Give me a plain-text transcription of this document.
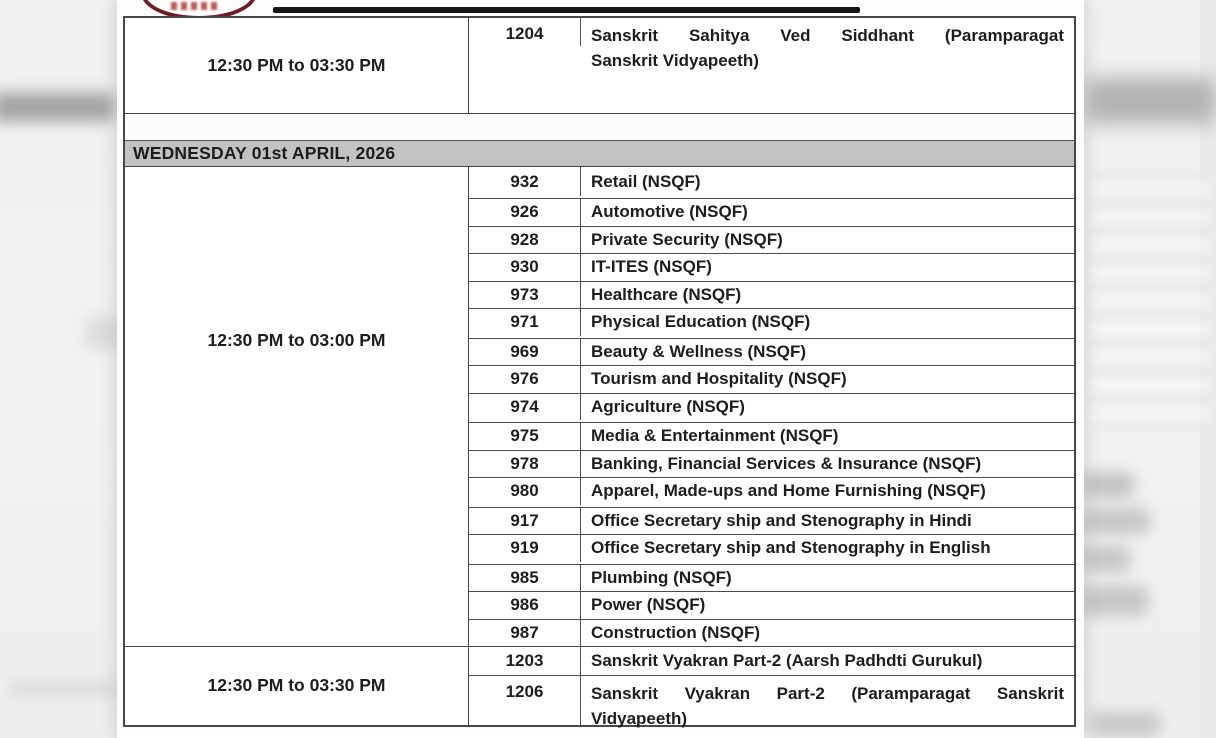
12:30 PM to 03:30 PM
1204	Sanskrit Sahitya Ved Siddhant (Paramparagat
Sanskrit Vidyapeeth)
WEDNESDAY 01st APRIL, 2026
12:30 PM to 03:00 PM
932	Retail (NSQF)
926	Automotive (NSQF)
928	Private Security (NSQF)
930	IT-ITES (NSQF)
973	Healthcare (NSQF)
971	Physical Education (NSQF)
969	Beauty & Wellness (NSQF)
976	Tourism and Hospitality (NSQF)
974	Agriculture (NSQF)
975	Media & Entertainment (NSQF)
978	Banking, Financial Services & Insurance (NSQF)
980	Apparel, Made-ups and Home Furnishing (NSQF)
917	Office Secretary ship and Stenography in Hindi
919	Office Secretary ship and Stenography in English
985	Plumbing (NSQF)
986	Power (NSQF)
987	Construction (NSQF)
12:30 PM to 03:30 PM
1203	Sanskrit Vyakran Part-2 (Aarsh Padhdti Gurukul)
1206	Sanskrit Vyakran Part-2 (Paramparagat Sanskrit
Vidyapeeth)
